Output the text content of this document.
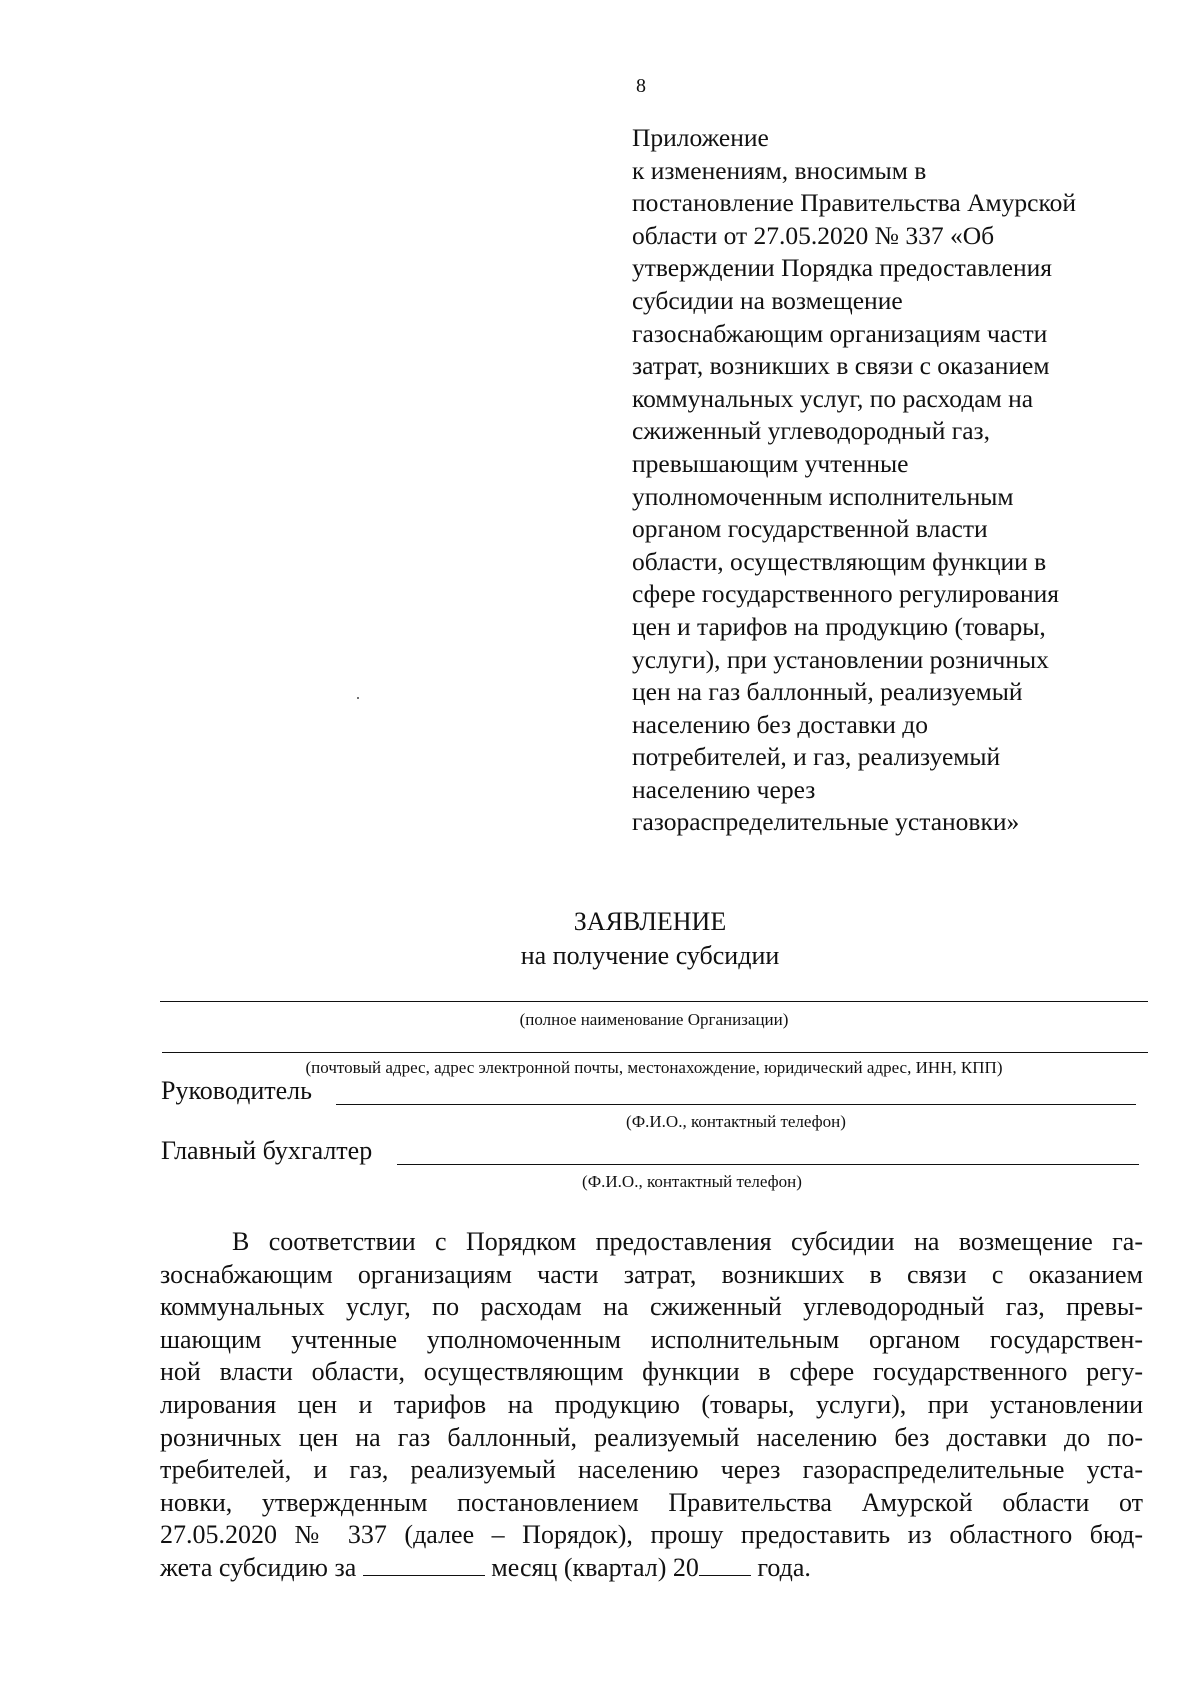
8
Приложение
к изменениям, вносимым в
постановление Правительства Амурской
области от 27.05.2020 № 337 «Об
утверждении Порядка предоставления
субсидии на возмещение
газоснабжающим организациям части
затрат, возникших в связи с оказанием
коммунальных услуг, по расходам на
сжиженный углеводородный газ,
превышающим учтенные
уполномоченным исполнительным
органом государственной власти
области, осуществляющим функции в
сфере государственного регулирования
цен и тарифов на продукцию (товары,
услуги), при установлении розничных
цен на газ баллонный, реализуемый
населению без доставки до
потребителей, и газ, реализуемый
населению через
газораспределительные установки»
ЗАЯВЛЕНИЕ
на получение субсидии
(полное наименование Организации)
(почтовый адрес, адрес электронной почты, местонахождение, юридический адрес, ИНН, КПП)
Руководитель
(Ф.И.О., контактный телефон)
Главный бухгалтер
(Ф.И.О., контактный телефон)
В соответствии с Порядком предоставления субсидии на возмещение га-
зоснабжающим организациям части затрат, возникших в связи с оказанием
коммунальных услуг, по расходам на сжиженный углеводородный газ, превы-
шающим учтенные уполномоченным исполнительным органом государствен-
ной власти области, осуществляющим функции в сфере государственного регу-
лирования цен и тарифов на продукцию (товары, услуги), при установлении
розничных цен на газ баллонный, реализуемый населению без доставки до по-
требителей, и газ, реализуемый населению через газораспределительные уста-
новки, утвержденным постановлением Правительства Амурской области от
27.05.2020 № 337 (далее – Порядок), прошу предоставить из областного бюд-
жета субсидию за	месяц (квартал) 20 года.
